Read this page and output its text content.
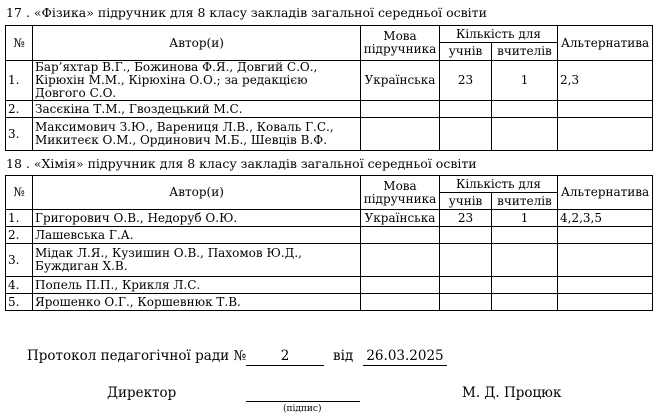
17 . «Фізика» підручник для 8 класу закладів загальної середньої освіти
№	Автор(и)	Мова
підручника	Кількість для		Альтернатива
			учнів	вчителів	
1.	Бар’яхтар В.Г., Божинова Ф.Я., Довгий С.О., Кірюхін М.М., Кірюхіна О.О.; за редакцією Довгого С.О.	Українська	23	1	2,3
2.	Засєкіна Т.М., Гвоздецький М.С.				
3.	Максимович З.Ю., Варениця Л.В., Коваль Г.С., Микитеєк О.М., Ординович М.Б., Шевців В.Ф.				
18 . «Хімія» підручник для 8 класу закладів загальної середньої освіти
№	Автор(и)	Мова
підручника	Кількість для		Альтернатива
			учнів	вчителів	
1.	Григорович О.В., Недоруб О.Ю.	Українська	23	1	4,2,3,5
2.	Лашевська Г.А.				
3.	Мідак Л.Я., Кузишин О.В., Пахомов Ю.Д., Буждиган Х.В.				
4.	Попель П.П., Крикля Л.С.				
5.	Ярошенко О.Г., Коршевнюк Т.В.				
Протокол педагогічної ради №	2	від 26.03.2025
Директор
(підпис)
М. Д. Процюк
